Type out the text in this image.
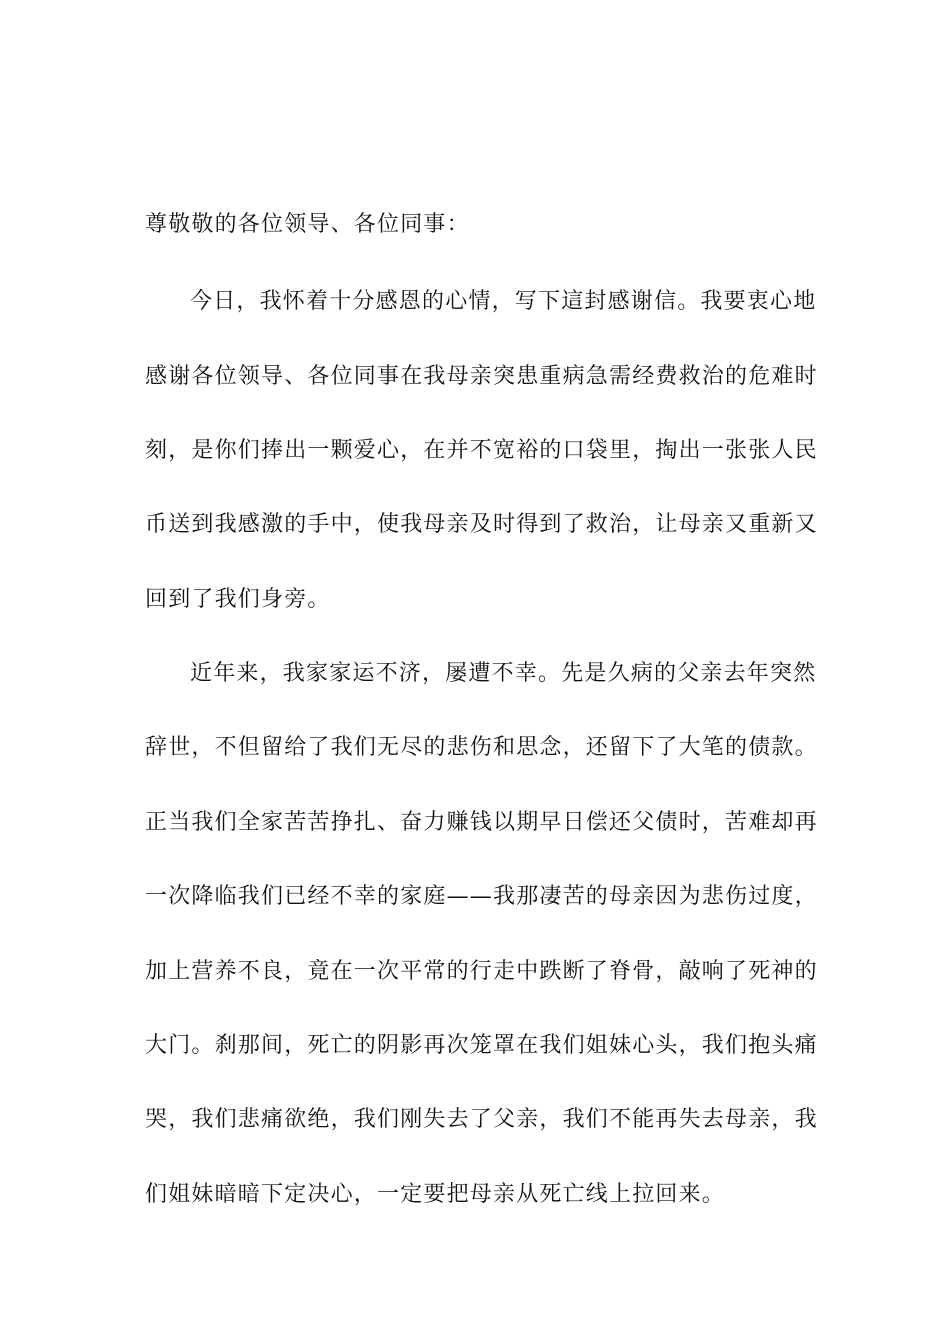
尊敬敬的各位领导、各位同事：
今日，我怀着十分感恩的心情，写下這封感谢信。我要衷心地
感谢各位领导、各位同事在我母亲突患重病急需经费救治的危难时
刻，是你们捧出一颗爱心，在并不宽裕的口袋里，掏出一张张人民
币送到我感激的手中，使我母亲及时得到了救治，让母亲又重新又
回到了我们身旁。
近年来，我家家运不济，屡遭不幸。先是久病的父亲去年突然
辞世，不但留给了我们无尽的悲伤和思念，还留下了大笔的债款。
正当我们全家苦苦挣扎、奋力赚钱以期早日偿还父债时，苦难却再
一次降临我们已经不幸的家庭——我那凄苦的母亲因为悲伤过度，
加上营养不良，竟在一次平常的行走中跌断了脊骨，敲响了死神的
大门。刹那间，死亡的阴影再次笼罩在我们姐妹心头，我们抱头痛
哭，我们悲痛欲绝，我们刚失去了父亲，我们不能再失去母亲，我
们姐妹暗暗下定决心，一定要把母亲从死亡线上拉回来。
